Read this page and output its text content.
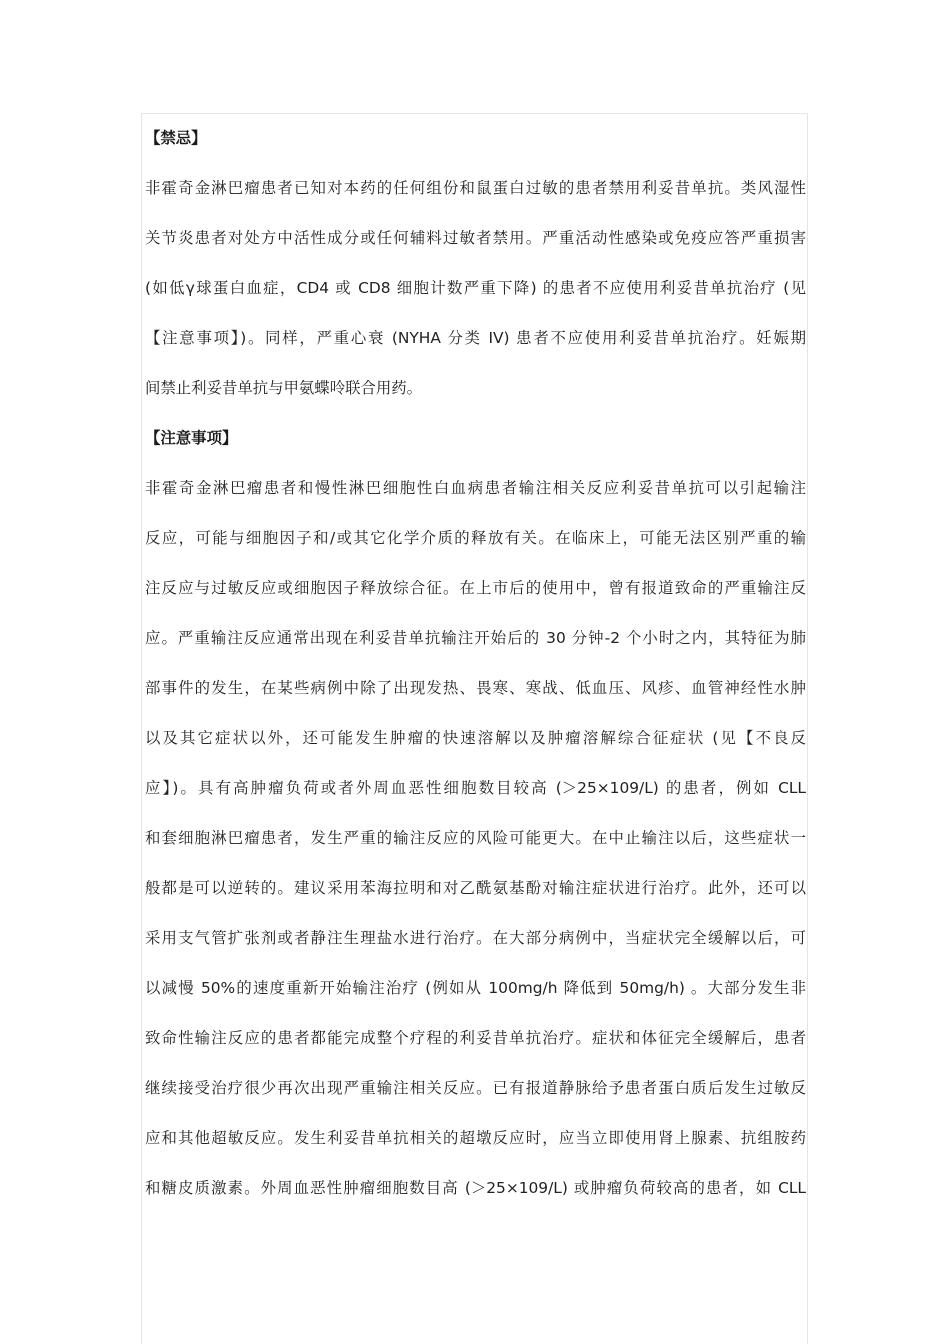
【禁忌】
非霍奇金淋巴瘤患者已知对本药的任何组份和鼠蛋白过敏的患者禁用利妥昔单抗。类风湿性
关节炎患者对处方中活性成分或任何辅料过敏者禁用。严重活动性感染或免疫应答严重损害
(如低γ球蛋白血症，CD4 或 CD8 细胞计数严重下降) 的患者不应使用利妥昔单抗治疗 (见
【注意事项】)。同样，严重心衰 (NYHA 分类 IV) 患者不应使用利妥昔单抗治疗。妊娠期
间禁止利妥昔单抗与甲氨蝶呤联合用药。
【注意事项】
非霍奇金淋巴瘤患者和慢性淋巴细胞性白血病患者输注相关反应利妥昔单抗可以引起输注
反应，可能与细胞因子和/或其它化学介质的释放有关。在临床上，可能无法区别严重的输
注反应与过敏反应或细胞因子释放综合征。在上市后的使用中，曾有报道致命的严重输注反
应。严重输注反应通常出现在利妥昔单抗输注开始后的 30 分钟-2 个小时之内，其特征为肺
部事件的发生，在某些病例中除了出现发热、畏寒、寒战、低血压、风疹、血管神经性水肿
以及其它症状以外，还可能发生肿瘤的快速溶解以及肿瘤溶解综合征症状 (见【不良反
应】)。具有高肿瘤负荷或者外周血恶性细胞数目较高 (＞25×109/L) 的患者，例如 CLL
和套细胞淋巴瘤患者，发生严重的输注反应的风险可能更大。在中止输注以后，这些症状一
般都是可以逆转的。建议采用苯海拉明和对乙酰氨基酚对输注症状进行治疗。此外，还可以
采用支气管扩张剂或者静注生理盐水进行治疗。在大部分病例中，当症状完全缓解以后，可
以减慢 50%的速度重新开始输注治疗 (例如从 100mg/h 降低到 50mg/h) 。大部分发生非
致命性输注反应的患者都能完成整个疗程的利妥昔单抗治疗。症状和体征完全缓解后，患者
继续接受治疗很少再次出现严重输注相关反应。已有报道静脉给予患者蛋白质后发生过敏反
应和其他超敏反应。发生利妥昔单抗相关的超墩反应时，应当立即使用肾上腺素、抗组胺药
和糖皮质激素。外周血恶性肿瘤细胞数目高 (＞25×109/L) 或肿瘤负荷较高的患者，如 CLL
